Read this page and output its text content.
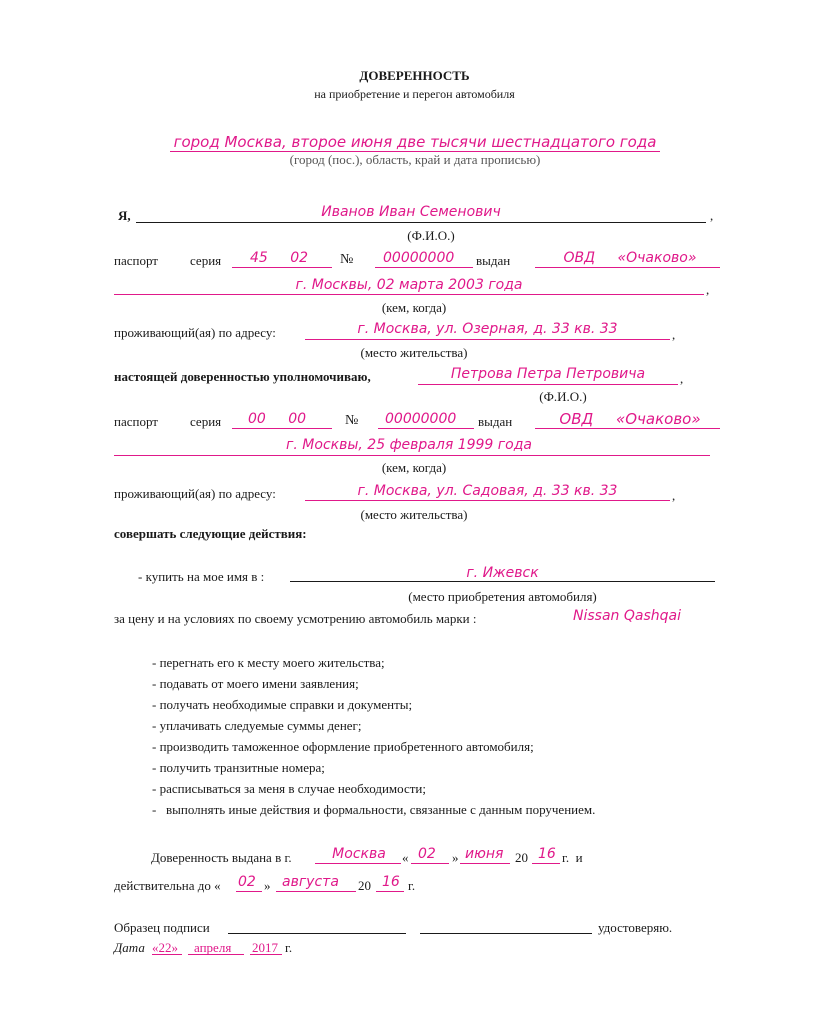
ДОВЕРЕННОСТЬ
на приобретение и перегон автомобиля
город Москва, второе июня две тысячи шестнадцатого года
(город (пос.), область, край и дата прописью)
Я,	Иванов Иван Семенович	,
(Ф.И.О.)
паспорт серия 45 02 № 00000000 выдан	ОВД «Очаково»
г. Москвы, 02 марта 2003 года	,
(кем, когда)
проживающий(ая) по адресу:	г. Москва, ул. Озерная, д. 33 кв. 33	,
(место жительства)
настоящей доверенностью уполномочиваю,	Петрова Петра Петровича	,
(Ф.И.О.)
паспорт серия 00 00	№ 00000000 выдан	ОВД «Очаково»
г. Москвы, 25 февраля 1999 года
(кем, когда)
проживающий(ая) по адресу:	г. Москва, ул. Садовая, д. 33 кв. 33	,
(место жительства)
совершать следующие действия:
- купить на мое имя в :	г. Ижевск
(место приобретения автомобиля)
за цену и на условиях по своему усмотрению автомобиль марки :	Nissan Qashqai
- перегнать его к месту моего жительства;
- подавать от моего имени заявления;
- получать необходимые справки и документы;
- уплачивать следуемые суммы денег;
- производить таможенное оформление приобретенного автомобиля;
- получить транзитные номера;
- расписываться за меня в случае необходимости;
- выполнять иные действия и формальности, связанные с данным поручением.
Доверенность выдана в г.	Москва	« 02 » июня 20 16 г.  и
действительна до « 02 » августа 20 16 г.
Образец подписи	удостоверяю.
Дата «22» апреля 2017 г.
